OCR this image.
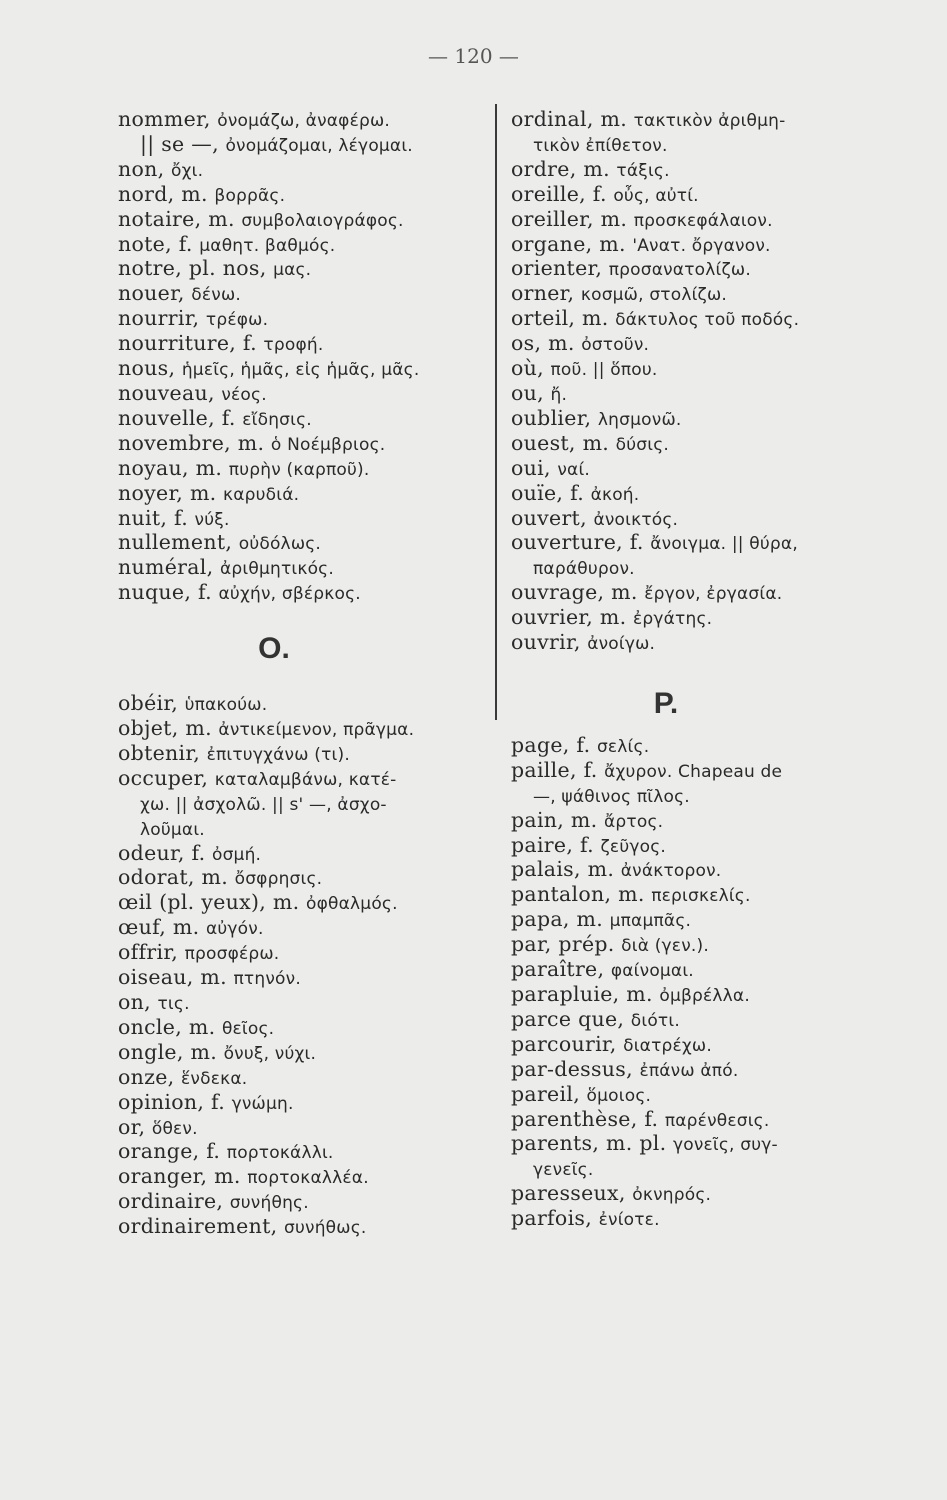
— 120 —
nommer, ὀνομάζω, ἀναφέρω.
|| se —, ὀνομάζομαι, λέγομαι.
non, ὄχι.
nord, m. βορρᾶς.
notaire, m. συμβολαιογράφος.
note, f. μαθητ. βαθμός.
notre, pl. nos, μας.
nouer, δένω.
nourrir, τρέφω.
nourriture, f. τροφή.
nous, ἡμεῖς, ἡμᾶς, εἰς ἡμᾶς, μᾶς.
nouveau, νέος.
nouvelle, f. εἴδησις.
novembre, m. ὁ Νοέμβριος.
noyau, m. πυρὴν (καρποῦ).
noyer, m. καρυδιά.
nuit, f. νύξ.
nullement, οὐδόλως.
numéral, ἀριθμητικός.
nuque, f. αὐχήν, σβέρκος.
O.
obéir, ὑπακούω.
objet, m. ἀντικείμενον, πρᾶγμα.
obtenir, ἐπιτυγχάνω (τι).
occuper, καταλαμβάνω, κατέ-
χω. || ἀσχολῶ. || s' —, ἀσχο-
λοῦμαι.
odeur, f. ὀσμή.
odorat, m. ὄσφρησις.
œil (pl. yeux), m. ὀφθαλμός.
œuf, m. αὐγόν.
offrir, προσφέρω.
oiseau, m. πτηνόν.
on, τις.
oncle, m. θεῖος.
ongle, m. ὄνυξ, νύχι.
onze, ἕνδεκα.
opinion, f. γνώμη.
or, ὅθεν.
orange, f. πορτοκάλλι.
oranger, m. πορτοκαλλέα.
ordinaire, συνήθης.
ordinairement, συνήθως.
ordinal, m. τακτικὸν ἀριθμη-
τικὸν ἐπίθετον.
ordre, m. τάξις.
oreille, f. οὖς, αὐτί.
oreiller, m. προσκεφάλαιον.
organe, m. 'Ανατ. ὄργανον.
orienter, προσανατολίζω.
orner, κοσμῶ, στολίζω.
orteil, m. δάκτυλος τοῦ ποδός.
os, m. ὀστοῦν.
où, ποῦ. || ὅπου.
ou, ἤ.
oublier, λησμονῶ.
ouest, m. δύσις.
oui, ναί.
ouïe, f. ἀκοή.
ouvert, ἀνοικτός.
ouverture, f. ἄνοιγμα. || θύρα,
παράθυρον.
ouvrage, m. ἔργον, ἐργασία.
ouvrier, m. ἐργάτης.
ouvrir, ἀνοίγω.
P.
page, f. σελίς.
paille, f. ἄχυρον. Chapeau de
—, ψάθινος πῖλος.
pain, m. ἄρτος.
paire, f. ζεῦγος.
palais, m. ἀνάκτορον.
pantalon, m. περισκελίς.
papa, m. μπαμπᾶς.
par, prép. διὰ (γεν.).
paraître, φαίνομαι.
parapluie, m. ὀμβρέλλα.
parce que, διότι.
parcourir, διατρέχω.
par-dessus, ἐπάνω ἀπό.
pareil, ὅμοιος.
parenthèse, f. παρένθεσις.
parents, m. pl. γονεῖς, συγ-
γενεῖς.
paresseux, ὀκνηρός.
parfois, ἐνίοτε.
